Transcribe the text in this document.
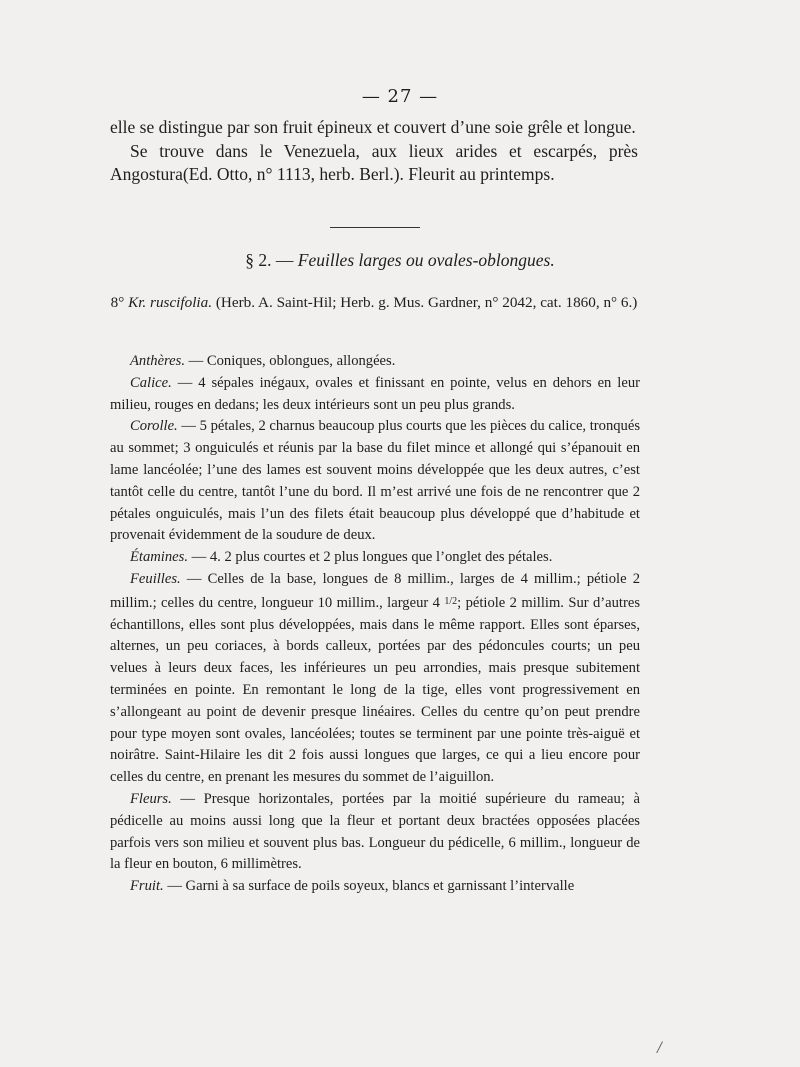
— 27 —

elle se distingue par son fruit épineux et couvert d’une soie grêle et longue.

Se trouve dans le Venezuela, aux lieux arides et escarpés, près Angostura(Ed. Otto, n° 1113, herb. Berl.). Fleurit au printemps.

§ 2. — Feuilles larges ou ovales-oblongues.
8° Kr. ruscifolia. (Herb. A. Saint-Hil; Herb. g. Mus. Gardner, n° 2042, cat. 1860, n° 6.)

Anthères. — Coniques, oblongues, allongées.

Calice. — 4 sépales inégaux, ovales et finissant en pointe, velus en dehors en leur milieu, rouges en dedans; les deux intérieurs sont un peu plus grands.

Corolle. — 5 pétales, 2 charnus beaucoup plus courts que les pièces du calice, tronqués au sommet; 3 onguiculés et réunis par la base du filet mince et allongé qui s’épanouit en lame lancéolée; l’une des lames est souvent moins développée que les deux autres, c’est tantôt celle du centre, tantôt l’une du bord. Il m’est arrivé une fois de ne rencontrer que 2 pétales onguiculés, mais l’un des filets était beaucoup plus développé que d’habitude et provenait évidemment de la soudure de deux.

Étamines. — 4. 2 plus courtes et 2 plus longues que l’onglet des pétales.

Feuilles. — Celles de la base, longues de 8 millim., larges de 4 millim.; pétiole 2 millim.; celles du centre, longueur 10 millim., largeur 4 $^{1/2}$; pétiole 2 millim. Sur d’autres échantillons, elles sont plus développées, mais dans le même rapport. Elles sont éparses, alternes, un peu coriaces, à bords calleux, portées par des pédoncules courts; un peu velues à leurs deux faces, les inférieures un peu arrondies, mais presque subitement terminées en pointe. En remontant le long de la tige, elles vont progressivement en s’allongeant au point de devenir presque linéaires. Celles du centre qu’on peut prendre pour type moyen sont ovales, lancéolées; toutes se terminent par une pointe très-aiguë et noirâtre. Saint-Hilaire les dit 2 fois aussi longues que larges, ce qui a lieu encore pour celles du centre, en prenant les mesures du sommet de l’aiguillon.

Fleurs. — Presque horizontales, portées par la moitié supérieure du rameau; à pédicelle au moins aussi long que la fleur et portant deux bractées opposées placées parfois vers son milieu et souvent plus bas. Longueur du pédicelle, 6 millim., longueur de la fleur en bouton, 6 millimètres.

Fruit. — Garni à sa surface de poils soyeux, blancs et garnissant l’intervalle

/
